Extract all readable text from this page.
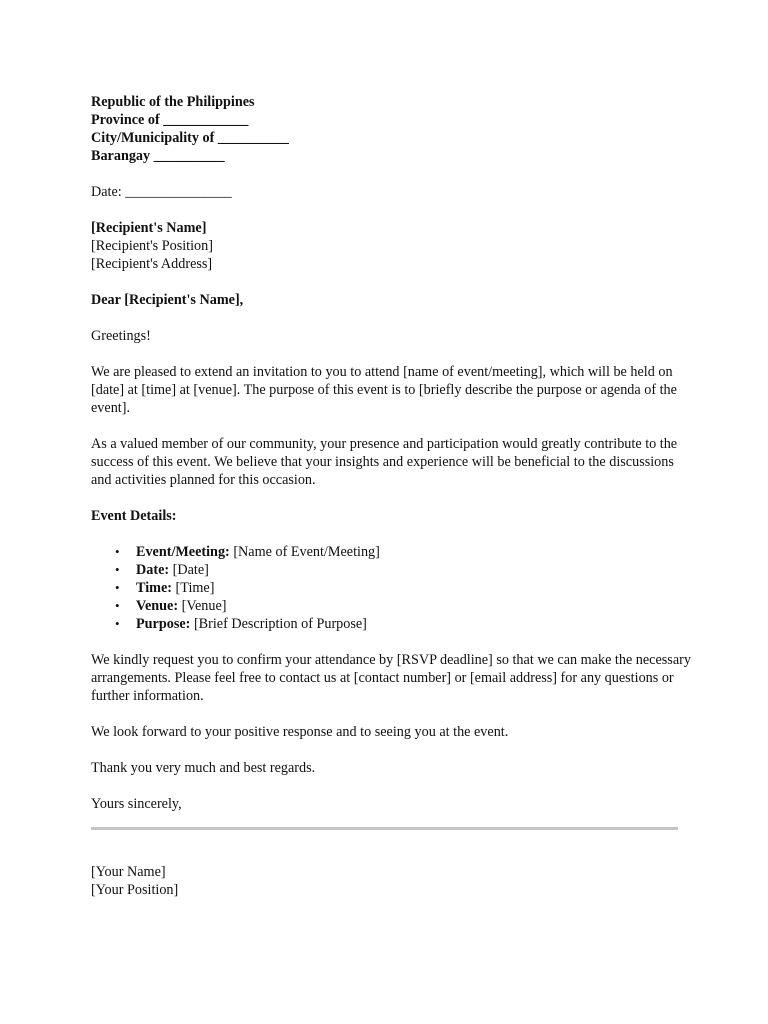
Republic of the Philippines

Province of ____________

City/Municipality of __________

Barangay __________

Date: _______________

[Recipient's Name]

[Recipient's Position]

[Recipient's Address]

Dear [Recipient's Name],

Greetings!

We are pleased to extend an invitation to you to attend [name of event/meeting], which will be held on [date] at [time] at [venue]. The purpose of this event is to [briefly describe the purpose or agenda of the event].

As a valued member of our community, your presence and participation would greatly contribute to the success of this event. We believe that your insights and experience will be beneficial to the discussions and activities planned for this occasion.

Event Details:

• Event/Meeting: [Name of Event/Meeting]
• Date: [Date]
• Time: [Time]
• Venue: [Venue]
• Purpose: [Brief Description of Purpose]

We kindly request you to confirm your attendance by [RSVP deadline] so that we can make the necessary arrangements. Please feel free to contact us at [contact number] or [email address] for any questions or further information.

We look forward to your positive response and to seeing you at the event.

Thank you very much and best regards.

Yours sincerely,

[Your Name]

[Your Position]
